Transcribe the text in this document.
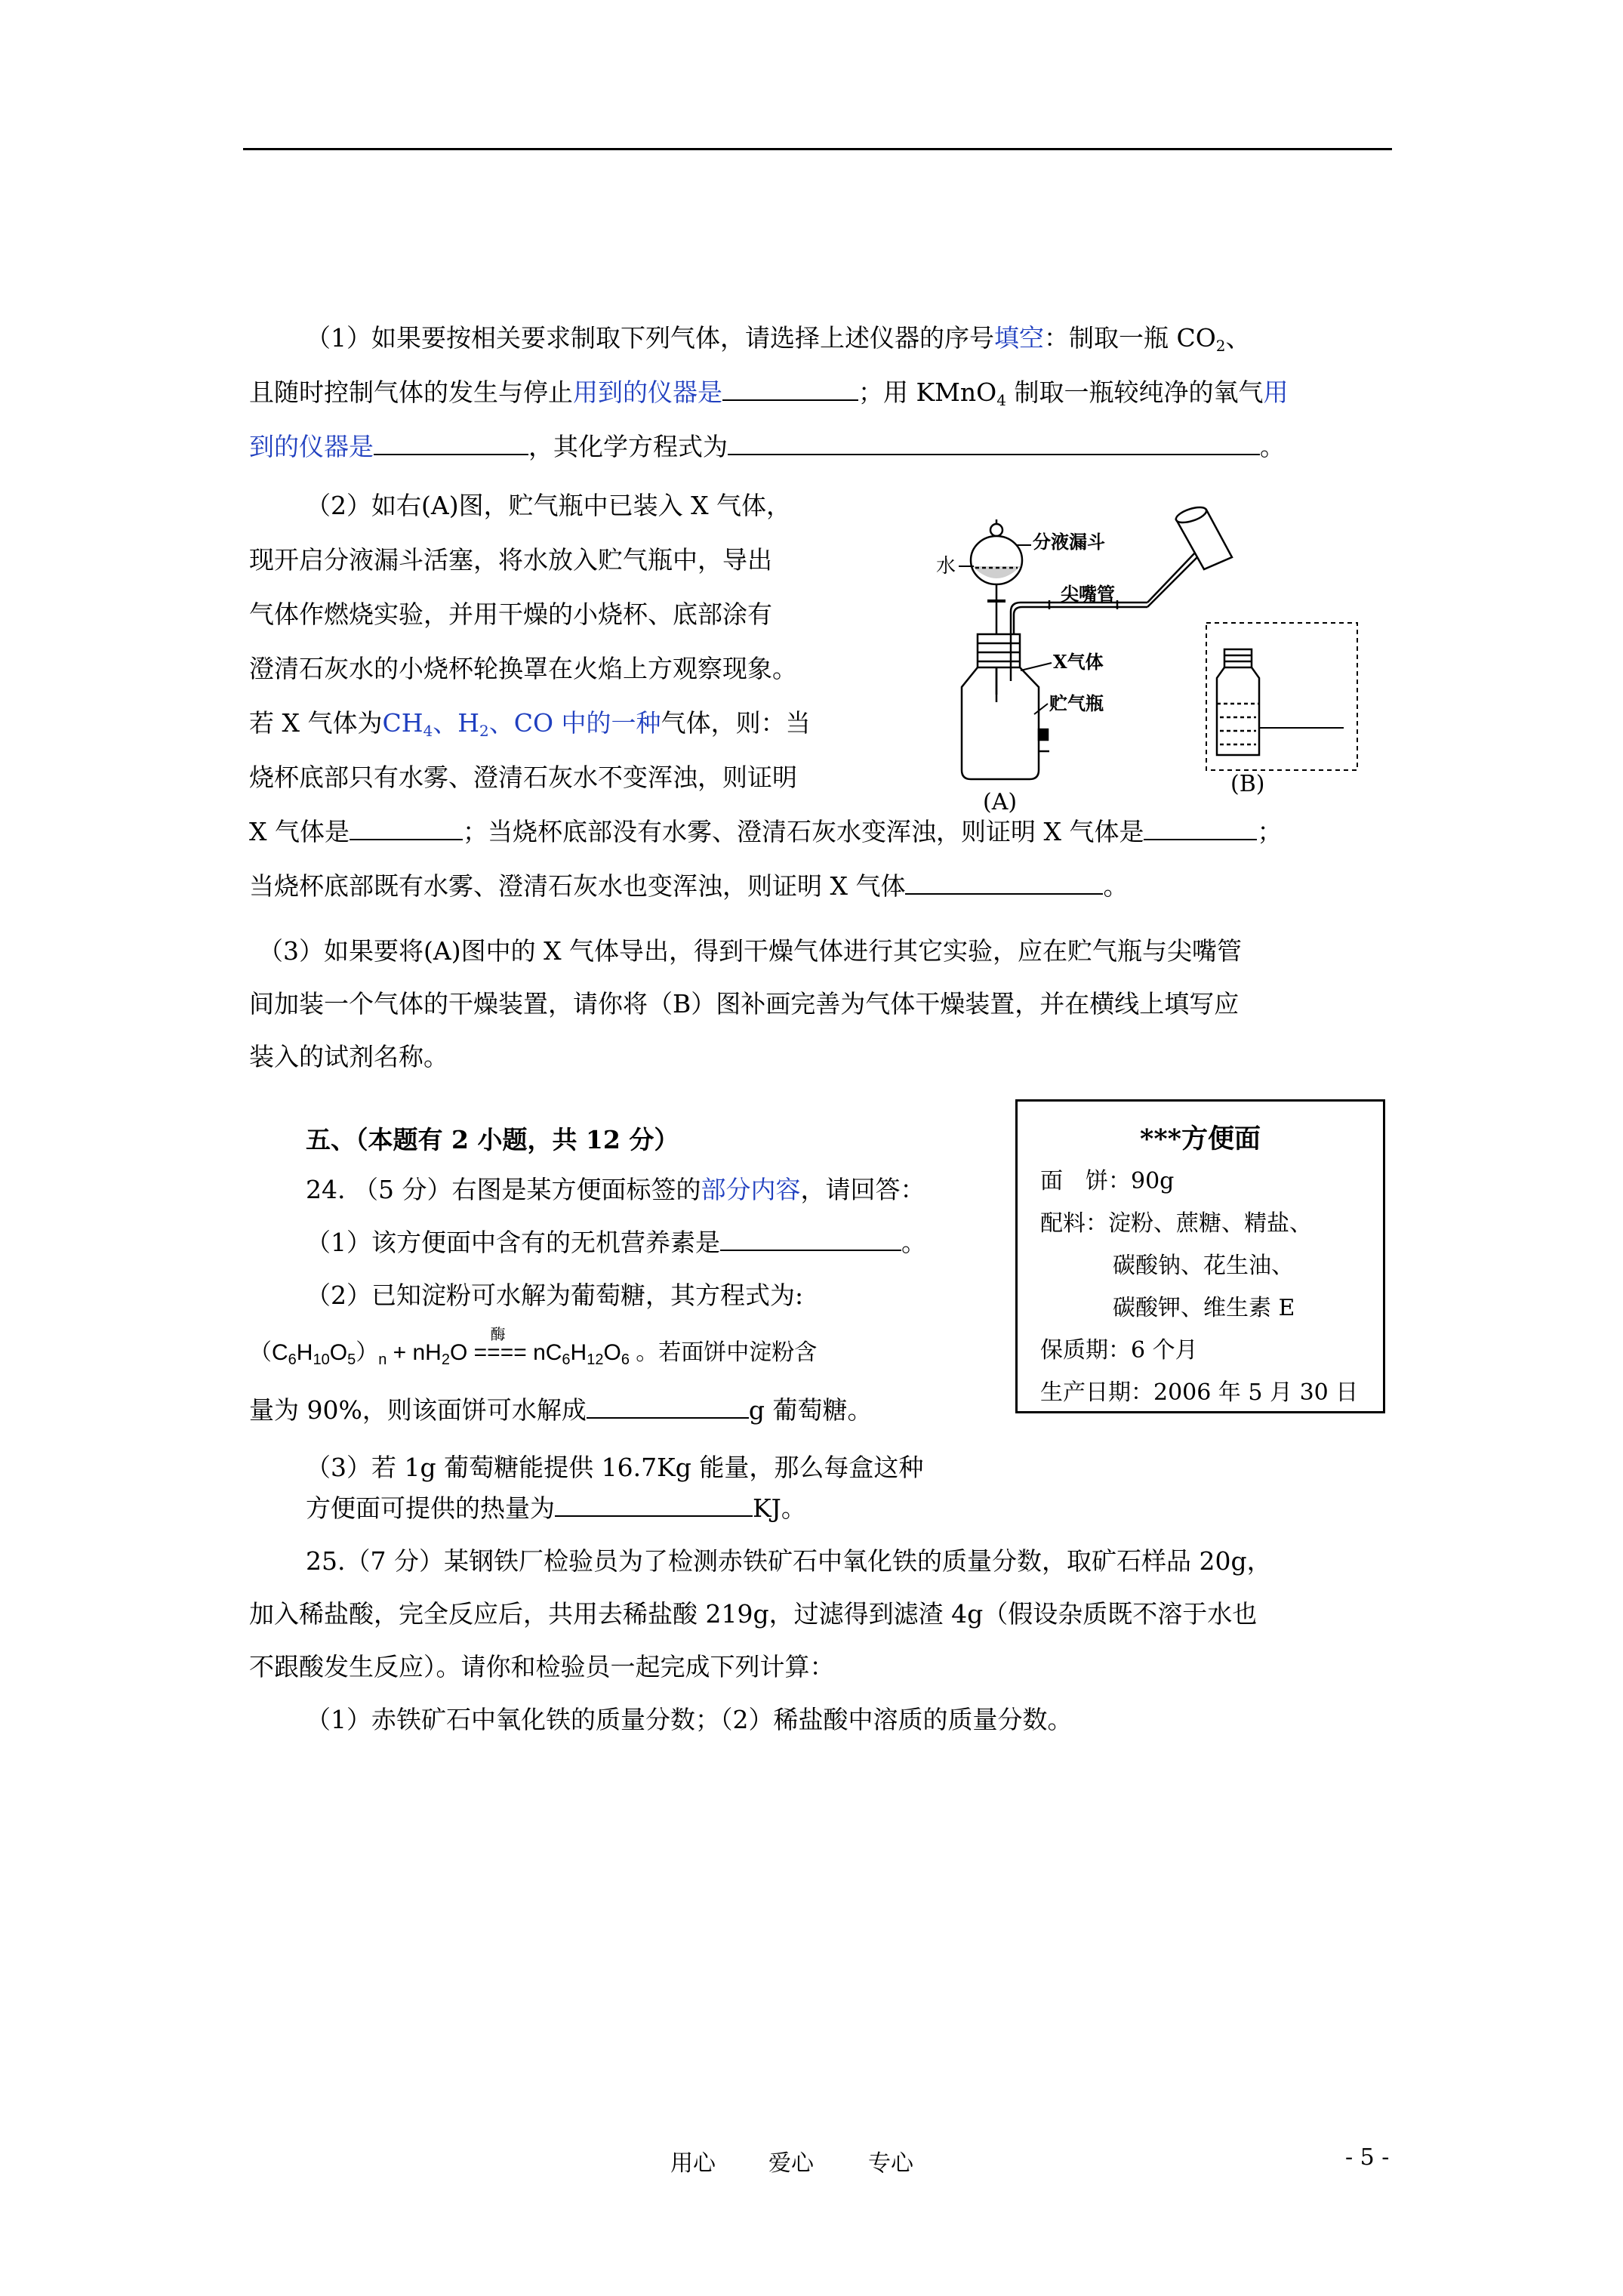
（1）如果要按相关要求制取下列气体，请选择上述仪器的序号填空：制取一瓶 $CO_2$、
且随时控制气体的发生与停止用到的仪器是	；用 KMnO$_4$ 制取一瓶较纯净的氧气用
到的仪器是	，其化学方程式为	。
（2）如右(A)图，贮气瓶中已装入 X 气体，
现开启分液漏斗活塞，将水放入贮气瓶中，导出
气体作燃烧实验，并用干燥的小烧杯、底部涂有
澄清石灰水的小烧杯轮换罩在火焰上方观察现象。
若 X 气体为$CH_4$、$H_2$、CO 中的一种气体，则：当
烧杯底部只有水雾、澄清石灰水不变浑浊，则证明
X 气体是	；当烧杯底部没有水雾、澄清石灰水变浑浊，则证明 X 气体是	；
当烧杯底部既有水雾、澄清石灰水也变浑浊，则证明 X 气体	。
水
分液漏斗
尖嘴管
X气体
贮气瓶
(A)
(B)
（3）如果要将(A)图中的 X 气体导出，得到干燥气体进行其它实验，应在贮气瓶与尖嘴管
间加装一个气体的干燥装置，请你将（B）图补画完善为气体干燥装置，并在横线上填写应
装入的试剂名称。
五、（本题有 2 小题，共 12 分）
24. （5 分）右图是某方便面标签的部分内容，请回答：
（1）该方便面中含有的无机营养素是	。
（2）已知淀粉可水解为葡萄糖，其方程式为:
$(C_6H_{10}O_5)_n + nH_2O$
酶
==== $nC_6H_{12}O_6$ 。若面饼中淀粉含
量为 90%，则该面饼可水解成	g 葡萄糖。
（3）若 1g 葡萄糖能提供 16.7Kg 能量，那么每盒这种
方便面可提供的热量为	KJ。
25.（7 分）某钢铁厂检验员为了检测赤铁矿石中氧化铁的质量分数，取矿石样品 20g，
加入稀盐酸，完全反应后，共用去稀盐酸 219g，过滤得到滤渣 4g（假设杂质既不溶于水也
不跟酸发生反应）。请你和检验员一起完成下列计算：
（1）赤铁矿石中氧化铁的质量分数；（2）稀盐酸中溶质的质量分数。
***方便面
面　饼：90g
配料：淀粉、蔗糖、精盐、
碳酸钠、花生油、
碳酸钾、维生素 E
保质期：6 个月
生产日期：2006 年 5 月 30 日
用心 爱心 专心	- 5 -
